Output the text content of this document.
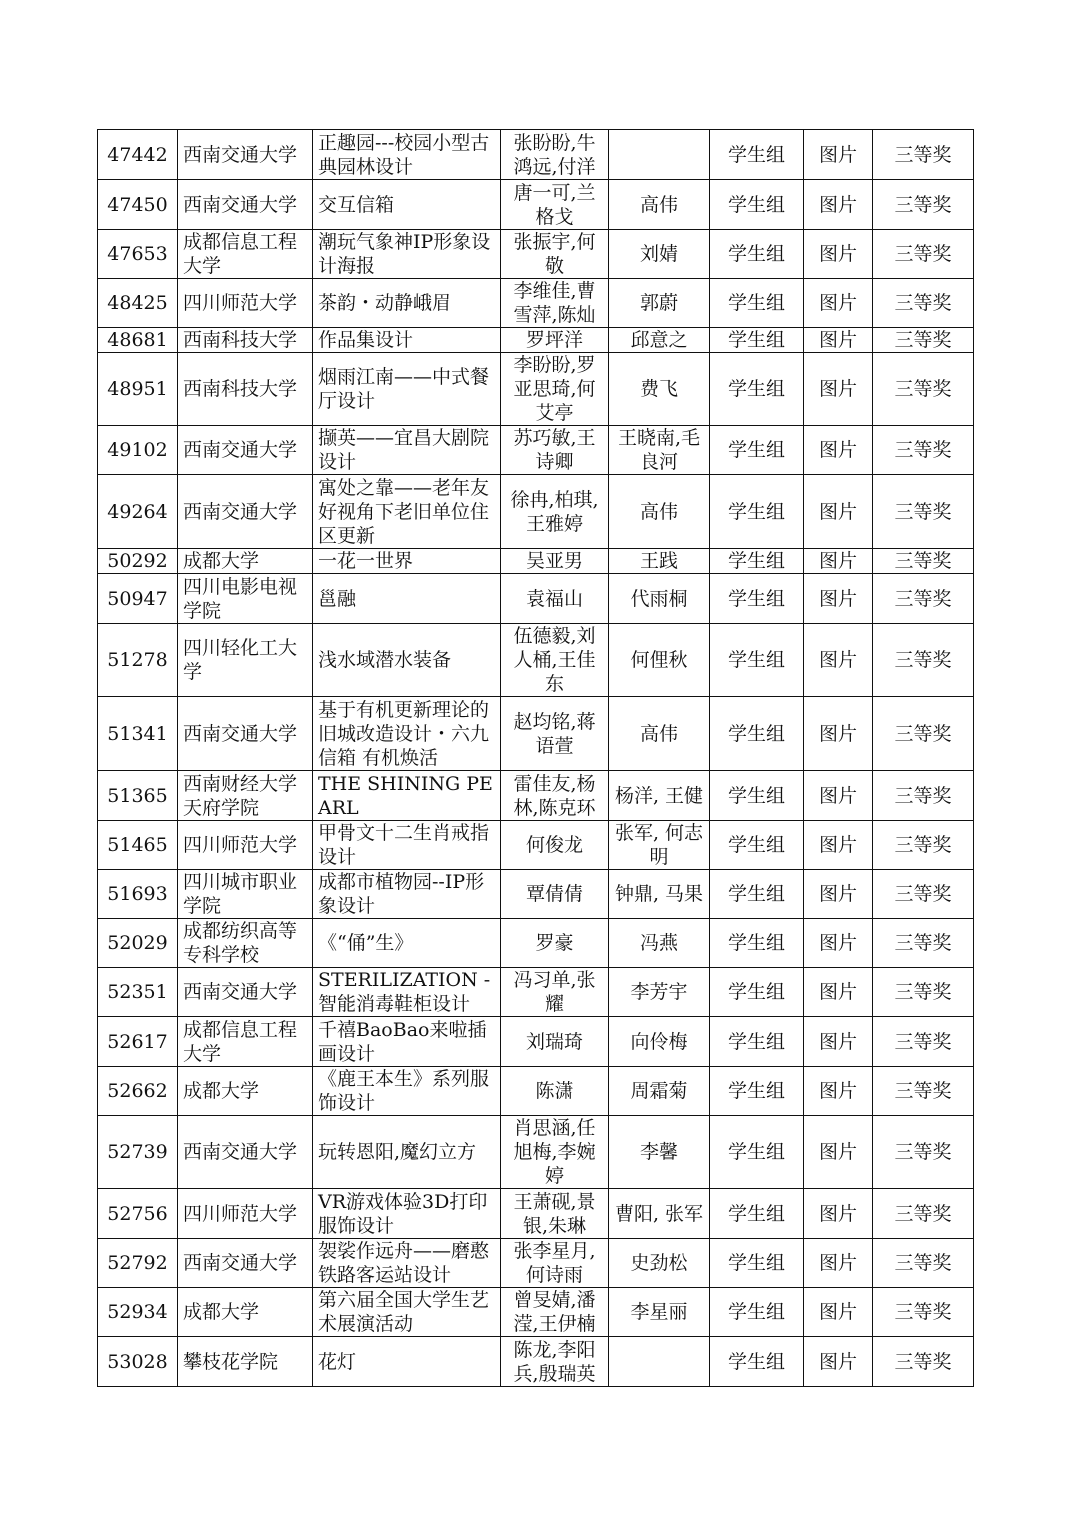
47442	西南交通大学	正趣园---校园小型古典园林设计	张盼盼,牛鸿远,付洋		学生组	图片	三等奖
47450	西南交通大学	交互信箱	唐一可,兰格戈	高伟	学生组	图片	三等奖
47653	成都信息工程大学	潮玩气象神IP形象设计海报	张振宇,何敬	刘婧	学生组	图片	三等奖
48425	四川师范大学	茶韵・动静峨眉	李维佳,曹雪萍,陈灿	郭蔚	学生组	图片	三等奖
48681	西南科技大学	作品集设计	罗坪洋	邱意之	学生组	图片	三等奖
48951	西南科技大学	烟雨江南——中式餐厅设计	李盼盼,罗亚思琦,何艾亭	费飞	学生组	图片	三等奖
49102	西南交通大学	撷英——宜昌大剧院设计	苏巧敏,王诗卿	王晓南,毛良河	学生组	图片	三等奖
49264	西南交通大学	寓处之靠——老年友好视角下老旧单位住区更新	徐冉,柏琪,王雅婷	高伟	学生组	图片	三等奖
50292	成都大学	一花一世界	吴亚男	王践	学生组	图片	三等奖
50947	四川电影电视学院	邕融	袁福山	代雨桐	学生组	图片	三等奖
51278	四川轻化工大学	浅水域潜水装备	伍德毅,刘人桶,王佳东	何俚秋	学生组	图片	三等奖
51341	西南交通大学	基于有机更新理论的旧城改造设计・六九信箱 有机焕活	赵均铭,蒋语萱	高伟	学生组	图片	三等奖
51365	西南财经大学天府学院	THE SHINING PEARL	雷佳友,杨林,陈克环	杨洋, 王健	学生组	图片	三等奖
51465	四川师范大学	甲骨文十二生肖戒指设计	何俊龙	张军, 何志明	学生组	图片	三等奖
51693	四川城市职业学院	成都市植物园--IP形象设计	覃倩倩	钟鼎, 马果	学生组	图片	三等奖
52029	成都纺织高等专科学校	《“俑”生》	罗豪	冯燕	学生组	图片	三等奖
52351	西南交通大学	STERILIZATION - 智能消毒鞋柜设计	冯习单,张耀	李芳宇	学生组	图片	三等奖
52617	成都信息工程大学	千禧BaoBao来啦插画设计	刘瑞琦	向伶梅	学生组	图片	三等奖
52662	成都大学	《鹿王本生》系列服饰设计	陈潇	周霜菊	学生组	图片	三等奖
52739	西南交通大学	玩转恩阳,魔幻立方	肖思涵,任旭梅,李婉婷	李馨	学生组	图片	三等奖
52756	四川师范大学	VR游戏体验3D打印服饰设计	王萧砚,景银,朱琳	曹阳, 张军	学生组	图片	三等奖
52792	西南交通大学	袈裟作远舟——磨憨铁路客运站设计	张李星月,何诗雨	史劲松	学生组	图片	三等奖
52934	成都大学	第六届全国大学生艺术展演活动	曾旻婧,潘滢,王伊楠	李星丽	学生组	图片	三等奖
53028	攀枝花学院	花灯	陈龙,李阳兵,殷瑞英		学生组	图片	三等奖
